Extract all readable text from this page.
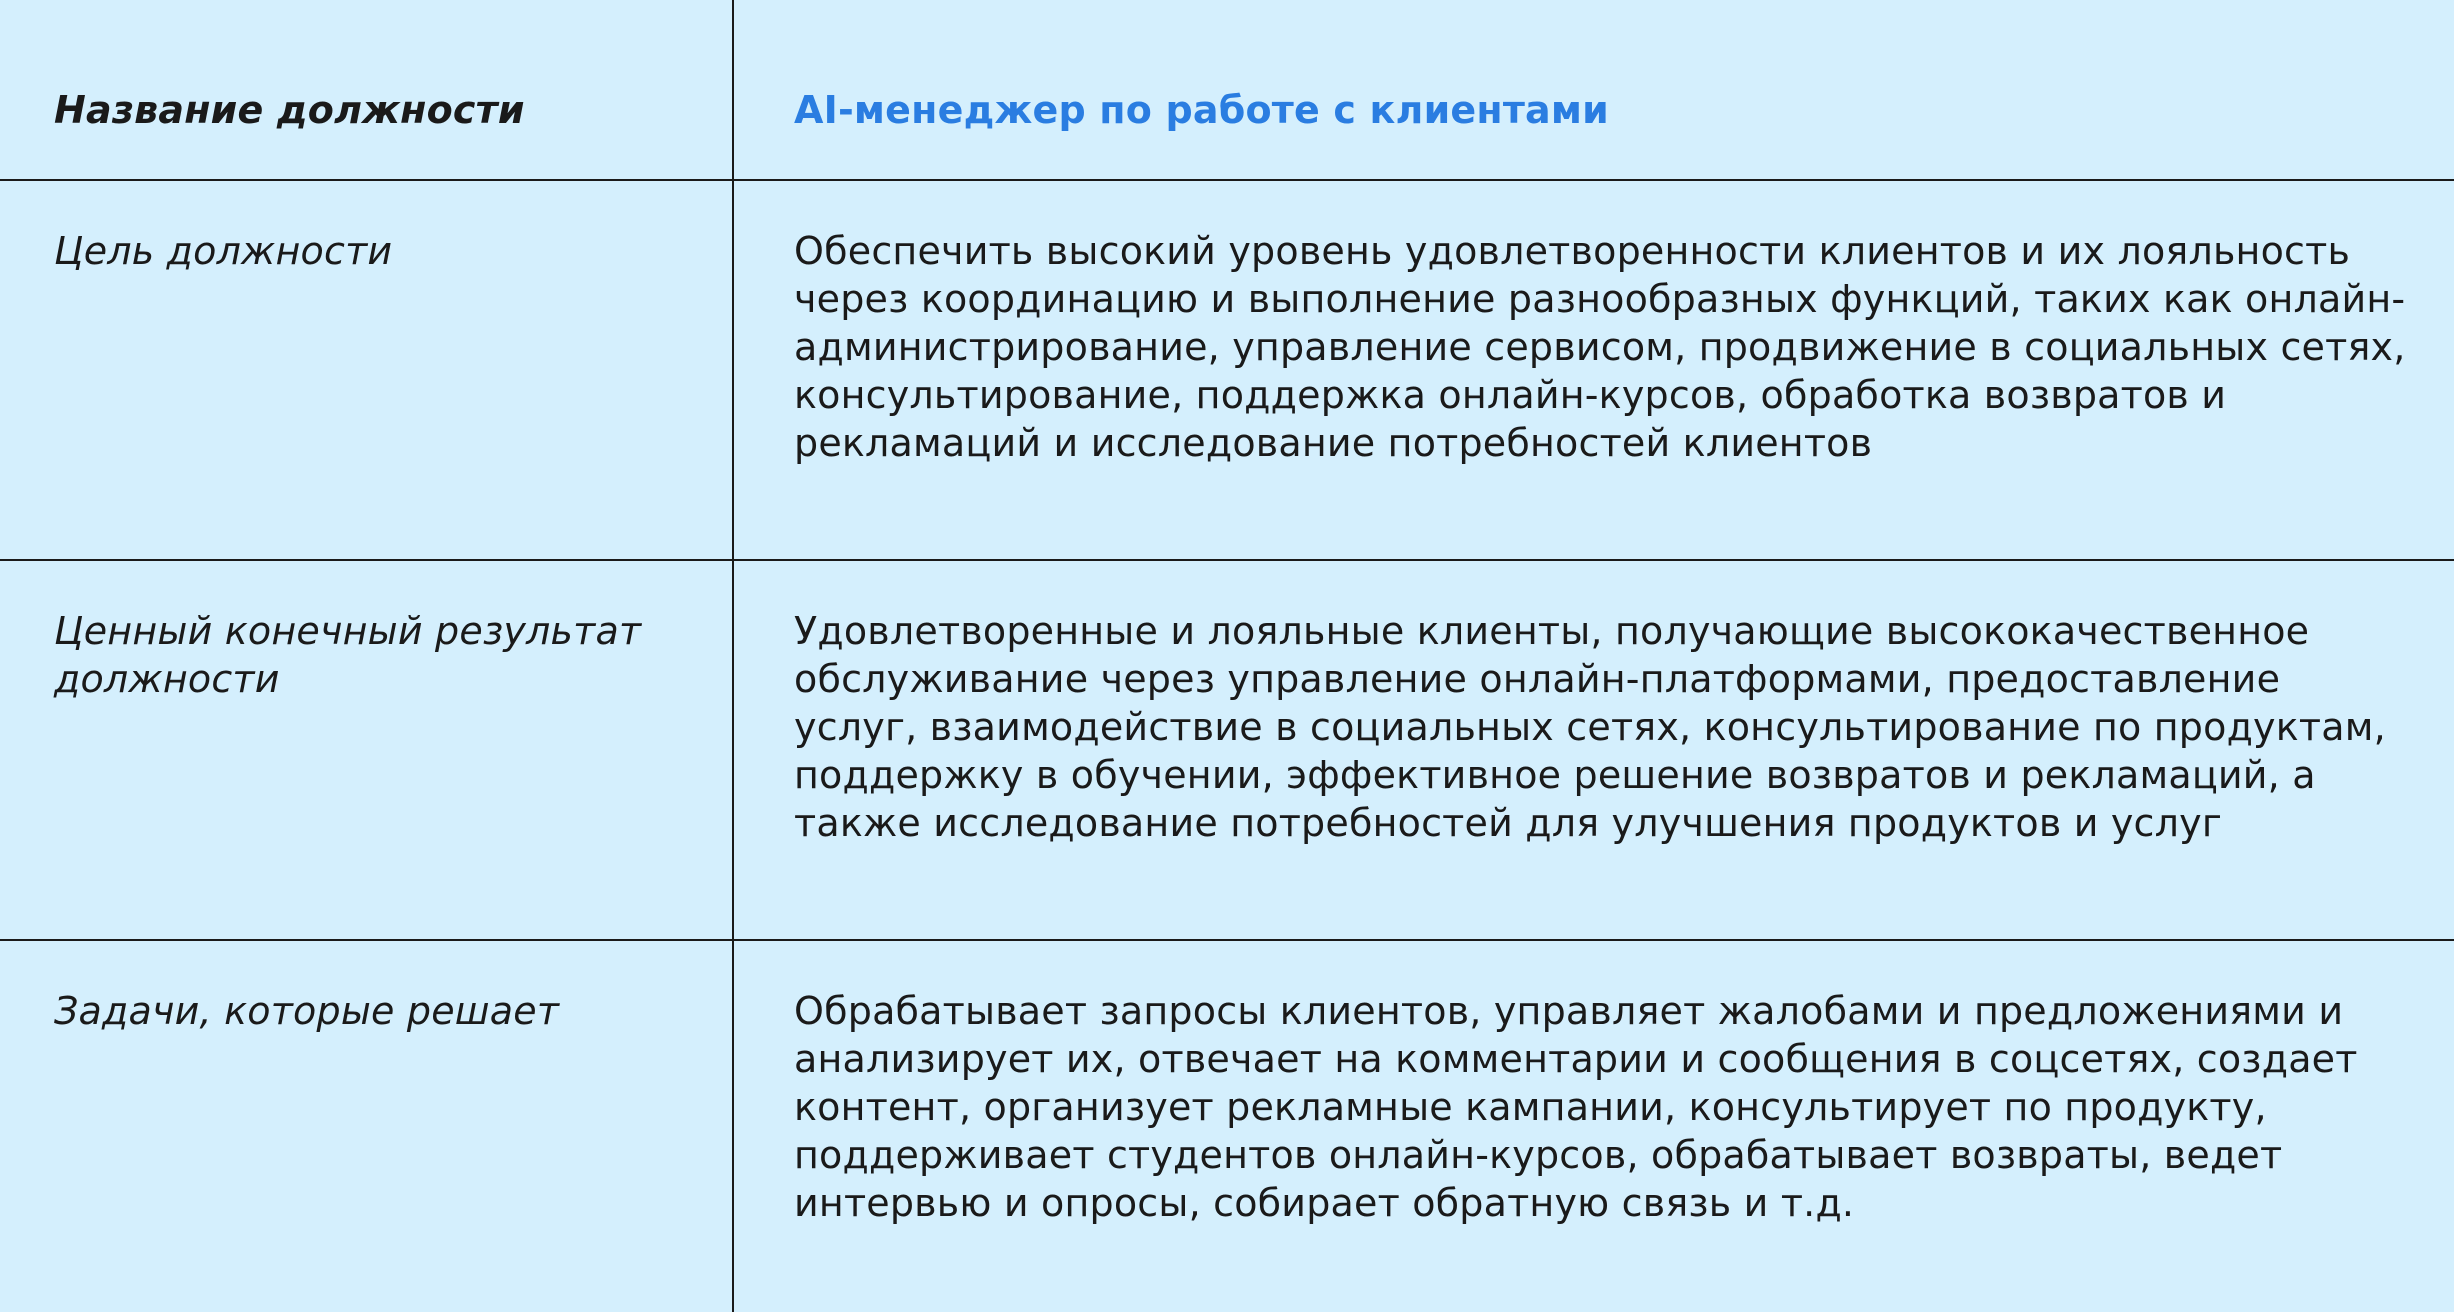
Название должности	AI-менеджер по работе с клиентами

Цель должности	Обеспечить высокий уровень удовлетворенности клиентов и их лояльность через координацию и выполнение разнообразных функций, таких как онлайн-администрирование, управление сервисом, продвижение в социальных сетях, консультирование, поддержка онлайн-курсов, обработка возвратов и рекламаций и исследование потребностей клиентов

Ценный конечный результат должности	Удовлетворенные и лояльные клиенты, получающие высококачественное обслуживание через управление онлайн-платформами, предоставление услуг, взаимодействие в социальных сетях, консультирование по продуктам, поддержку в обучении, эффективное решение возвратов и рекламаций, а также исследование потребностей для улучшения продуктов и услуг

Задачи, которые решает	Обрабатывает запросы клиентов, управляет жалобами и предложениями и анализирует их, отвечает на комментарии и сообщения в соцсетях, создает контент, организует рекламные кампании, консультирует по продукту, поддерживает студентов онлайн-курсов, обрабатывает возвраты, ведет интервью и опросы, собирает обратную связь и т.д.
